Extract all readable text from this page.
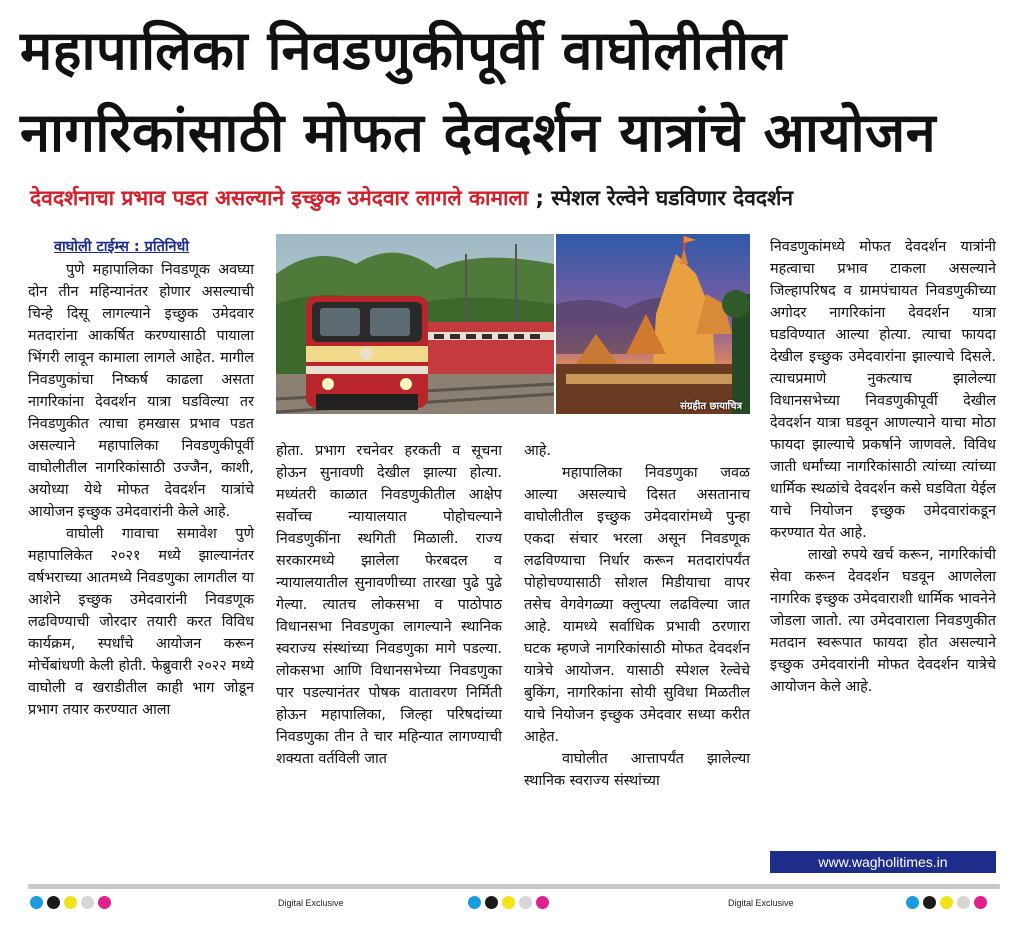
महापालिका निवडणुकीपूर्वी वाघोलीतील
नागरिकांसाठी मोफत देवदर्शन यात्रांचे आयोजन
देवदर्शनाचा प्रभाव पडत असल्याने इच्छुक उमेदवार लागले कामाला ; स्पेशल रेल्वेने घडविणार देवदर्शन
वाघोली टाईम्स : प्रतिनिधी

पुणे महापालिका निवडणूक अवघ्या दोन तीन महिन्यानंतर होणार असल्याची चिन्हे दिसू लागल्याने इच्छुक उमेदवार मतदारांना आकर्षित करण्यासाठी पायाला भिंगरी लावून कामाला लागले आहेत. मागील निवडणुकांचा निष्कर्ष काढला असता नागरिकांना देवदर्शन यात्रा घडविल्या तर निवडणुकीत त्याचा हमखास प्रभाव पडत असल्याने महापालिका निवडणुकीपूर्वी वाघोलीतील नागरिकांसाठी उज्जैन, काशी, अयोध्या येथे मोफत देवदर्शन यात्रांचे आयोजन इच्छुक उमेदवारांनी केले आहे.

वाघोली गावाचा समावेश पुणे महापालिकेत २०२१ मध्ये झाल्यानंतर वर्षभराच्या आतमध्ये निवडणुका लागतील या आशेने इच्छुक उमेदवारांनी निवडणूक लढविण्याची जोरदार तयारी करत विविध कार्यक्रम, स्पर्धांचे आयोजन करून मोर्चेबांधणी केली होती. फेब्रुवारी २०२२ मध्ये वाघोली व खराडीतील काही भाग जोडून प्रभाग तयार करण्यात आला

संग्रहीत छायाचित्र

होता. प्रभाग रचनेवर हरकती व सूचना होऊन सुनावणी देखील झाल्या होत्या. मध्यंतरी काळात निवडणुकीतील आक्षेप सर्वोच्च न्यायालयात पोहोचल्याने निवडणुकींना स्थगिती मिळाली. राज्य सरकारमध्ये झालेला फेरबदल व न्यायालयातील सुनावणीच्या तारखा पुढे पुढे गेल्या. त्यातच लोकसभा व पाठोपाठ विधानसभा निवडणुका लागल्याने स्थानिक स्वराज्य संस्थांच्या निवडणुका मागे पडल्या. लोकसभा आणि विधानसभेच्या निवडणुका पार पडल्यानंतर पोषक वातावरण निर्मिती होऊन महापालिका, जिल्हा परिषदांच्या निवडणुका तीन ते चार महिन्यात लागण्याची शक्यता वर्तविली जात

आहे.

महापालिका निवडणुका जवळ आल्या असल्याचे दिसत असतानाच वाघोलीतील इच्छुक उमेदवारांमध्ये पुन्हा एकदा संचार भरला असून निवडणूक लढविण्याचा निर्धार करून मतदारांपर्यंत पोहोचण्यासाठी सोशल मिडीयाचा वापर तसेच वेगवेगळ्या क्लुप्त्या लढविल्या जात आहे. यामध्ये सर्वाधिक प्रभावी ठरणारा घटक म्हणजे नागरिकांसाठी मोफत देवदर्शन यात्रेचे आयोजन. यासाठी स्पेशल रेल्वेचे बुकिंग, नागरिकांना सोयी सुविधा मिळतील याचे नियोजन इच्छुक उमेदवार सध्या करीत आहेत.

वाघोलीत आत्तापर्यंत झालेल्या स्थानिक स्वराज्य संस्थांच्या

निवडणुकांमध्ये मोफत देवदर्शन यात्रांनी महत्वाचा प्रभाव टाकला असल्याने जिल्हापरिषद व ग्रामपंचायत निवडणुकीच्या अगोदर नागरिकांना देवदर्शन यात्रा घडविण्यात आल्या होत्या. त्याचा फायदा देखील इच्छुक उमेदवारांना झाल्याचे दिसले. त्याचप्रमाणे नुकत्याच झालेल्या विधानसभेच्या निवडणुकीपूर्वी देखील देवदर्शन यात्रा घडवून आणल्याने याचा मोठा फायदा झाल्याचे प्रकर्षाने जाणवले. विविध जाती धर्मांच्या नागरिकांसाठी त्यांच्या त्यांच्या धार्मिक स्थळांचे देवदर्शन कसे घडविता येईल याचे नियोजन इच्छुक उमेदवारांकडून करण्यात येत आहे.

लाखो रुपये खर्च करून, नागरिकांची सेवा करून देवदर्शन घडवून आणलेला नागरिक इच्छुक उमेदवाराशी धार्मिक भावनेने जोडला जातो. त्या उमेदवाराला निवडणुकीत मतदान स्वरूपात फायदा होत असल्याने इच्छुक उमेदवारांनी मोफत देवदर्शन यात्रेचे आयोजन केले आहे.

www.wagholitimes.in
Digital Exclusive	Digital Exclusive
